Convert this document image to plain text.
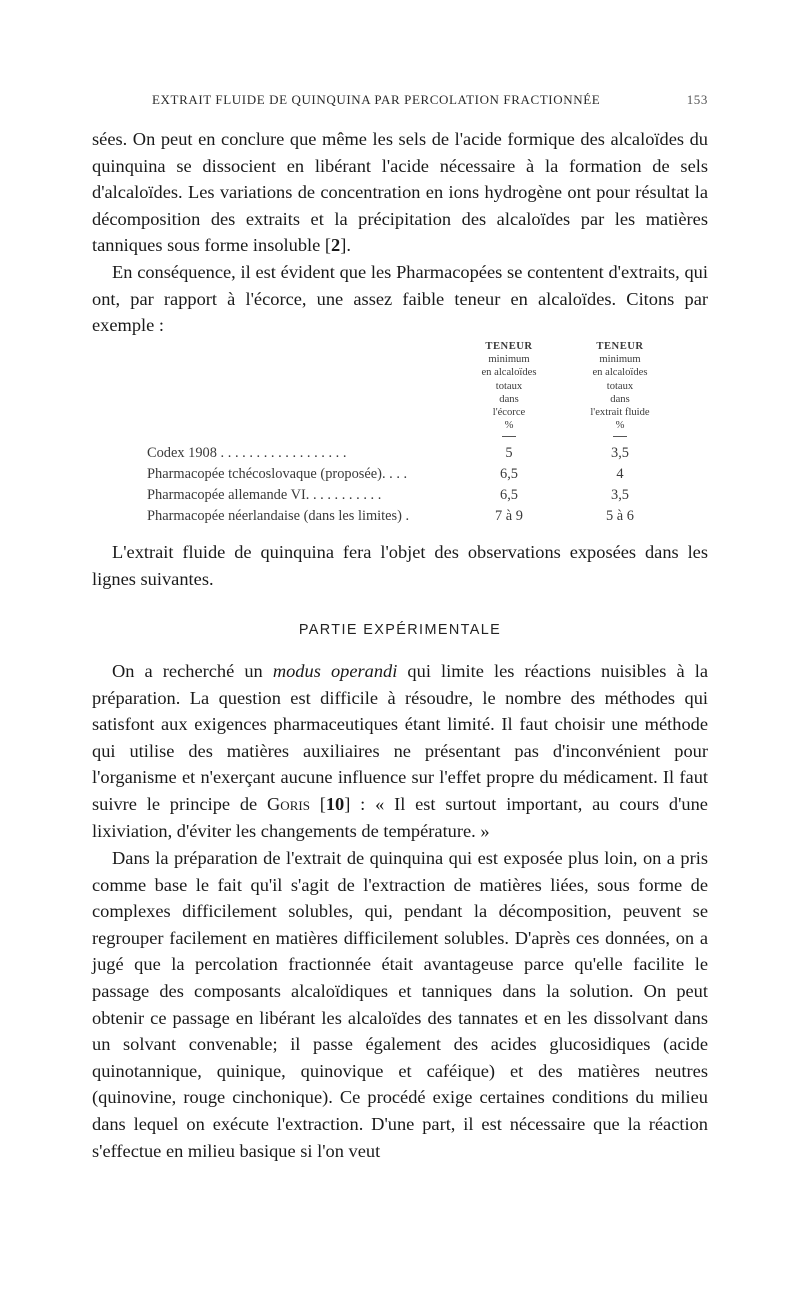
EXTRAIT FLUIDE DE QUINQUINA PAR PERCOLATION FRACTIONNÉE	153

sées. On peut en conclure que même les sels de l'acide formique des alcaloïdes du quinquina se dissocient en libérant l'acide nécessaire à la formation de sels d'alcaloïdes. Les variations de concentration en ions hydrogène ont pour résultat la décomposition des extraits et la précipitation des alcaloïdes par les matières tanniques sous forme insoluble [2].

En conséquence, il est évident que les Pharmacopées se contentent d'extraits, qui ont, par rapport à l'écorce, une assez faible teneur en alcaloïdes. Citons par exemple :

TENEUR
minimum
en alcaloïdes
totaux
dans
l'écorce
%
TENEUR
minimum
en alcaloïdes
totaux
dans
l'extrait fluide
%
Codex 1908 . . . . . . . . . . . . . . . . . .	5	3,5
Pharmacopée tchécoslovaque (proposée). . . .	6,5	4
Pharmacopée allemande VI. . . . . . . . . . .	6,5	3,5
Pharmacopée néerlandaise (dans les limites) .	7 à 9	5 à 6

L'extrait fluide de quinquina fera l'objet des observations exposées dans les lignes suivantes.

PARTIE EXPÉRIMENTALE

On a recherché un modus operandi qui limite les réactions nuisibles à la préparation. La question est difficile à résoudre, le nombre des méthodes qui satisfont aux exigences pharmaceutiques étant limité. Il faut choisir une méthode qui utilise des matières auxiliaires ne présentant pas d'inconvénient pour l'organisme et n'exerçant aucune influence sur l'effet propre du médicament. Il faut suivre le principe de Goris [10] : « Il est surtout important, au cours d'une lixiviation, d'éviter les changements de température. »

Dans la préparation de l'extrait de quinquina qui est exposée plus loin, on a pris comme base le fait qu'il s'agit de l'extraction de matières liées, sous forme de complexes difficilement solubles, qui, pendant la décomposition, peuvent se regrouper facilement en matières difficilement solubles. D'après ces données, on a jugé que la percolation fractionnée était avantageuse parce qu'elle facilite le passage des composants alcaloïdiques et tanniques dans la solution. On peut obtenir ce passage en libérant les alcaloïdes des tannates et en les dissolvant dans un solvant convenable; il passe également des acides glucosidiques (acide quinotannique, quinique, quinovique et caféique) et des matières neutres (quinovine, rouge cinchonique). Ce procédé exige certaines conditions du milieu dans lequel on exécute l'extraction. D'une part, il est nécessaire que la réaction s'effectue en milieu basique si l'on veut
